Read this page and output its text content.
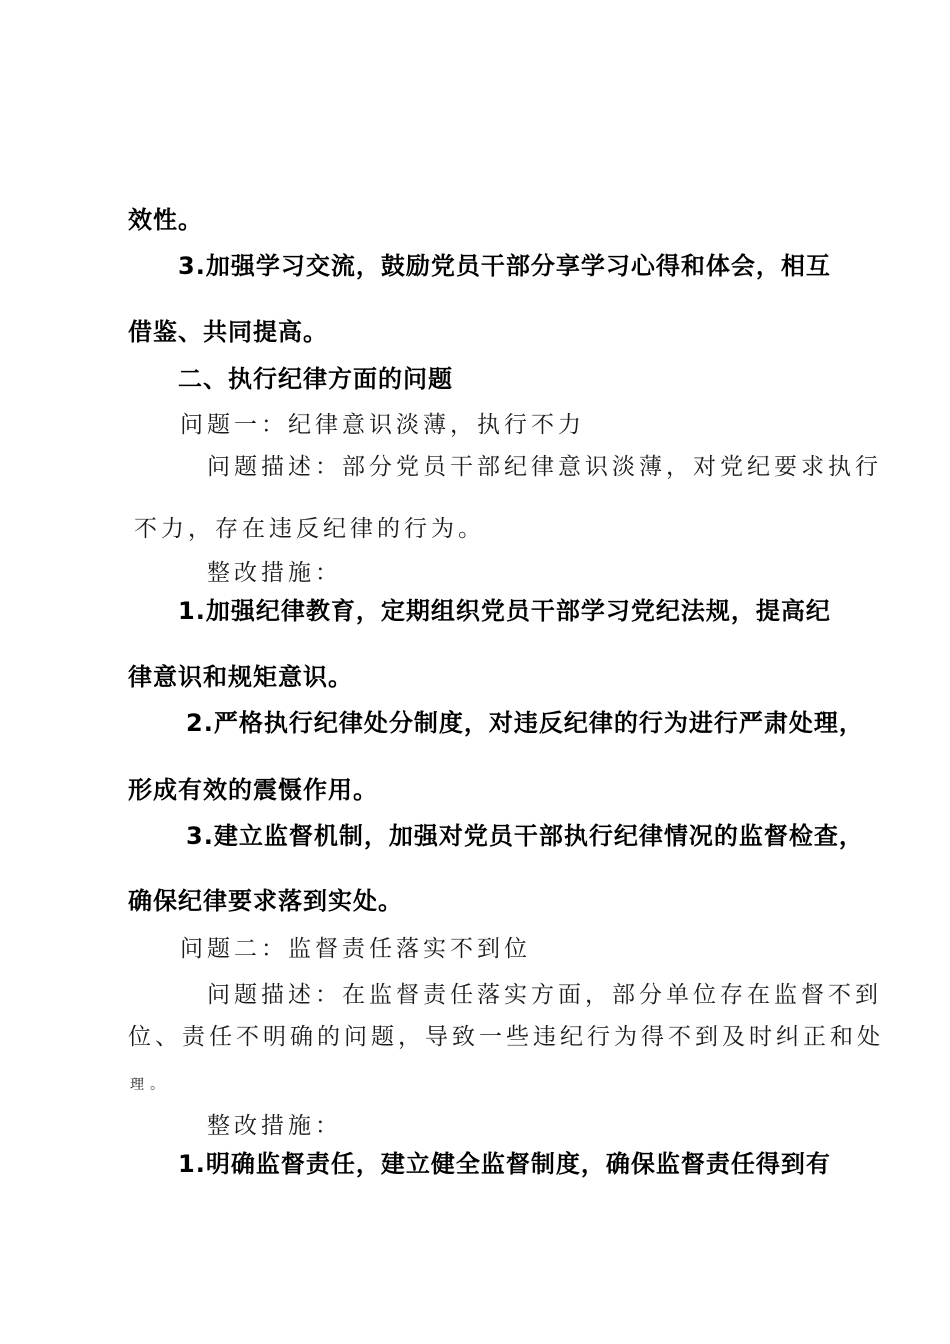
效性。
3.加强学习交流，鼓励党员干部分享学习心得和体会，相互
借鉴、共同提高。
二、执行纪律方面的问题
问题一：纪律意识淡薄，执行不力
问题描述：部分党员干部纪律意识淡薄，对党纪要求执行
不力，存在违反纪律的行为。
整改措施：
1.加强纪律教育，定期组织党员干部学习党纪法规，提高纪
律意识和规矩意识。
2.严格执行纪律处分制度，对违反纪律的行为进行严肃处理，
形成有效的震慑作用。
3.建立监督机制，加强对党员干部执行纪律情况的监督检查，
确保纪律要求落到实处。
问题二：监督责任落实不到位
问题描述：在监督责任落实方面，部分单位存在监督不到
位、责任不明确的问题，导致一些违纪行为得不到及时纠正和处
理。
整改措施：
1.明确监督责任，建立健全监督制度，确保监督责任得到有
